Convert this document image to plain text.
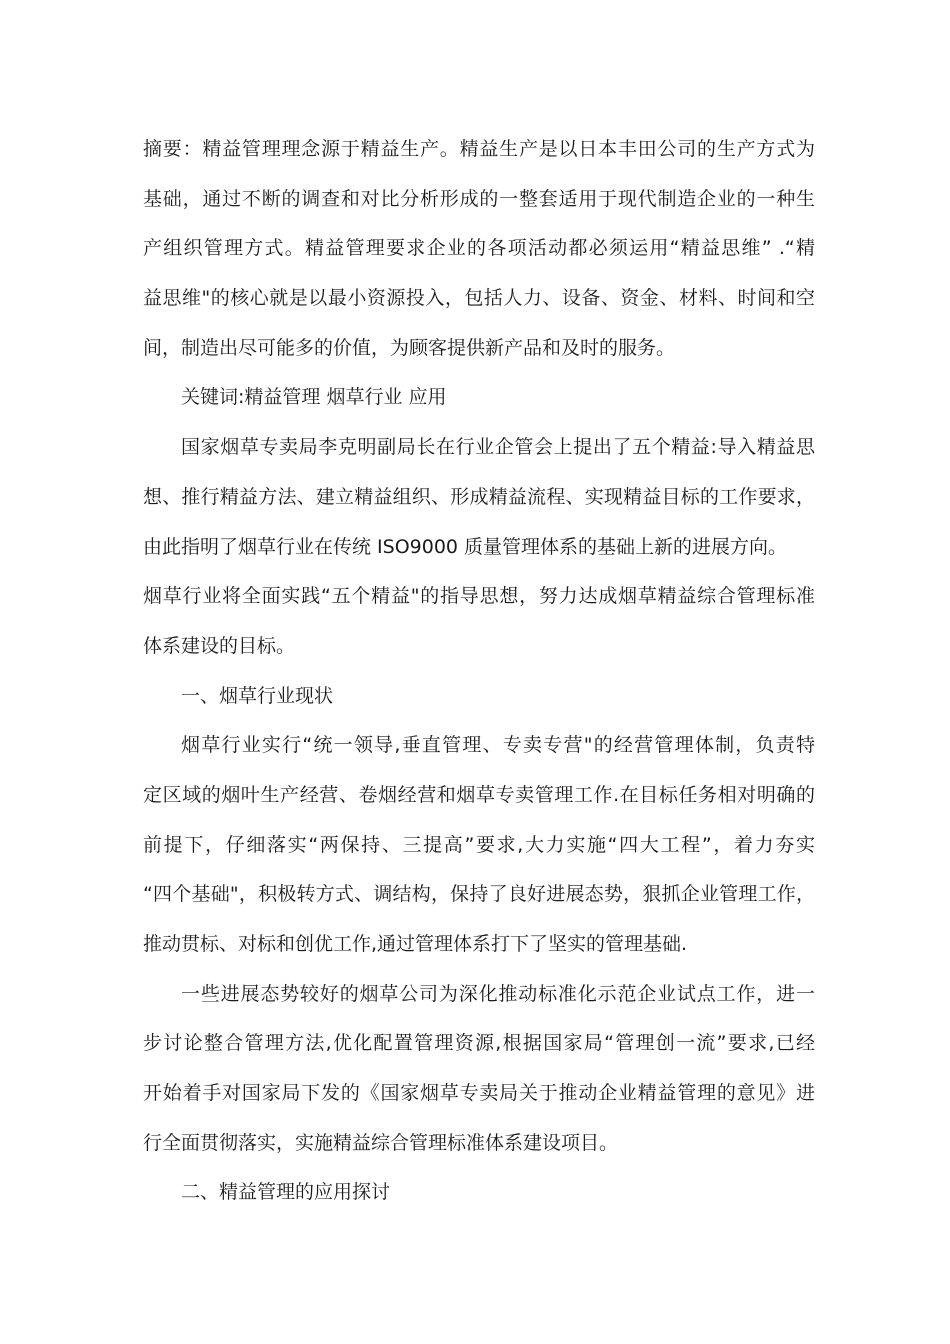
摘要：精益管理理念源于精益生产。精益生产是以日本丰田公司的生产方式为
基础，通过不断的调查和对比分析形成的一整套适用于现代制造企业的一种生
产组织管理方式。精益管理要求企业的各项活动都必须运用“精益思维” .“精
益思维"的核心就是以最小资源投入，包括人力、设备、资金、材料、时间和空
间，制造出尽可能多的价值，为顾客提供新产品和及时的服务。
关键词:精益管理 烟草行业 应用
国家烟草专卖局李克明副局长在行业企管会上提出了五个精益:导入精益思
想、推行精益方法、建立精益组织、形成精益流程、实现精益目标的工作要求，
由此指明了烟草行业在传统 ISO9000 质量管理体系的基础上新的进展方向。
烟草行业将全面实践“五个精益"的指导思想，努力达成烟草精益综合管理标准
体系建设的目标。
一、烟草行业现状
烟草行业实行“统一领导,垂直管理、专卖专营"的经营管理体制，负责特
定区域的烟叶生产经营、卷烟经营和烟草专卖管理工作.在目标任务相对明确的
前提下，仔细落实“两保持、三提高”要求,大力实施“四大工程”，着力夯实
“四个基础"，积极转方式、调结构，保持了良好进展态势，狠抓企业管理工作，
推动贯标、对标和创优工作,通过管理体系打下了坚实的管理基础.
一些进展态势较好的烟草公司为深化推动标准化示范企业试点工作，进一
步讨论整合管理方法,优化配置管理资源,根据国家局“管理创一流”要求,已经
开始着手对国家局下发的《国家烟草专卖局关于推动企业精益管理的意见》进
行全面贯彻落实，实施精益综合管理标准体系建设项目。
二、精益管理的应用探讨
